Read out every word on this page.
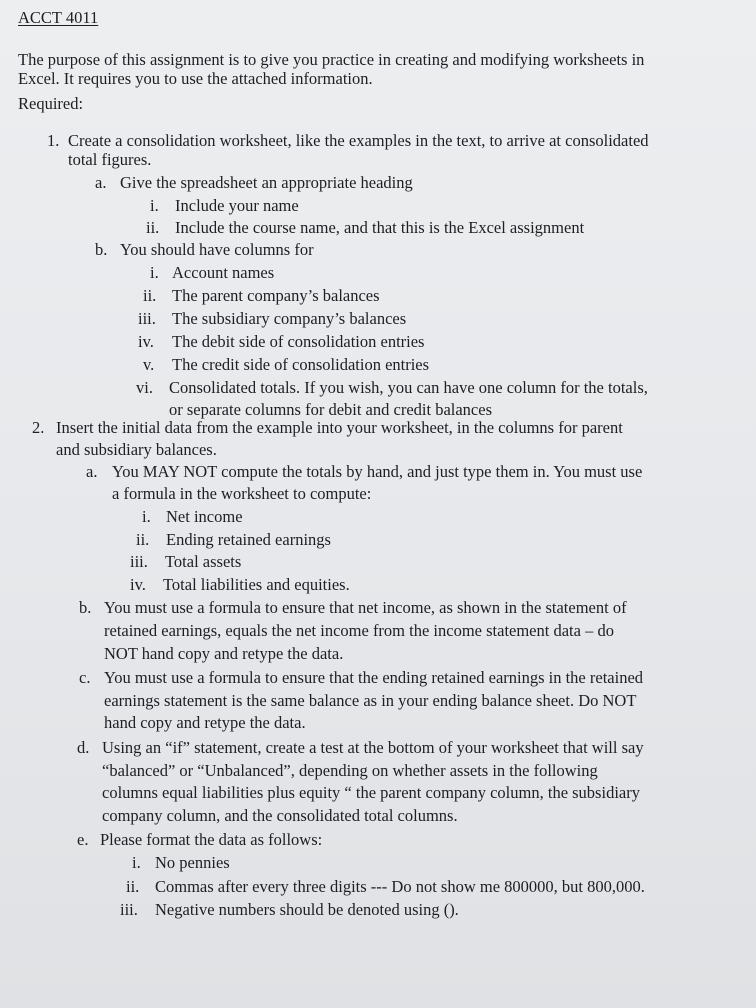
ACCT 4011
The purpose of this assignment is to give you practice in creating and modifying worksheets in
Excel. It requires you to use the attached information.
Required:
1. Create a consolidation worksheet, like the examples in the text, to arrive at consolidated
total figures.
a. Give the spreadsheet an appropriate heading
i. Include your name
ii. Include the course name, and that this is the Excel assignment
b. You should have columns for
i. Account names
ii. The parent company’s balances
iii. The subsidiary company’s balances
iv. The debit side of consolidation entries
v. The credit side of consolidation entries
vi. Consolidated totals. If you wish, you can have one column for the totals,
or separate columns for debit and credit balances
2. Insert the initial data from the example into your worksheet, in the columns for parent
and subsidiary balances.
a. You MAY NOT compute the totals by hand, and just type them in. You must use
a formula in the worksheet to compute:
i. Net income
ii. Ending retained earnings
iii. Total assets
iv. Total liabilities and equities.
b. You must use a formula to ensure that net income, as shown in the statement of
retained earnings, equals the net income from the income statement data – do
NOT hand copy and retype the data.
c. You must use a formula to ensure that the ending retained earnings in the retained
earnings statement is the same balance as in your ending balance sheet. Do NOT
hand copy and retype the data.
d. Using an “if” statement, create a test at the bottom of your worksheet that will say
“balanced” or “Unbalanced”, depending on whether assets in the following
columns equal liabilities plus equity “ the parent company column, the subsidiary
company column, and the consolidated total columns.
e. Please format the data as follows:
i. No pennies
ii. Commas after every three digits --- Do not show me 800000, but 800,000.
iii. Negative numbers should be denoted using ().
